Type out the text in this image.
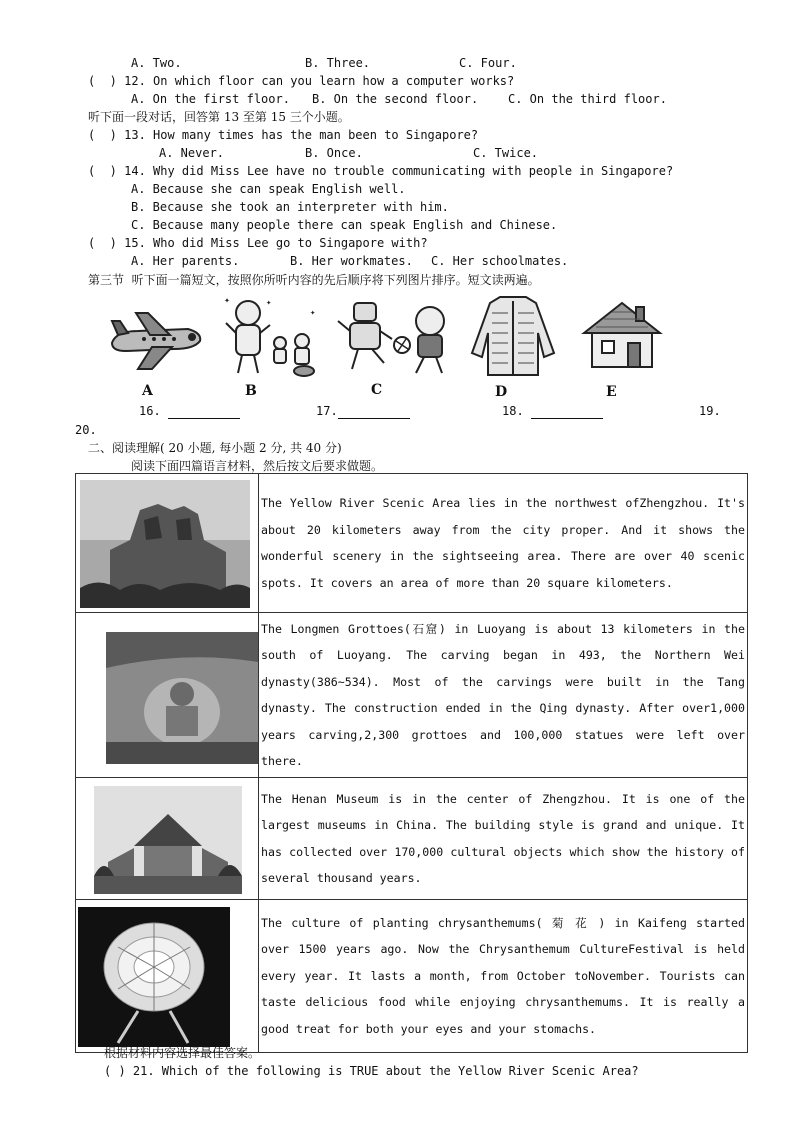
A. Two.	B. Three.	C. Four.
(  ) 12. On which floor can you learn how a computer works?
A. On the first floor. B. On the second floor. C. On the third floor.
听下面一段对话，回答第 13 至第 15 三个小题。
(  ) 13. How many times has the man been to Singapore?
A. Never.	B. Once.	C. Twice.
(  ) 14. Why did Miss Lee have no trouble communicating with people in Singapore?
A. Because she can speak English well.
B. Because she took an interpreter with him.
C. Because many people there can speak English and Chinese.
(  ) 15. Who did Miss Lee go to Singapore with?
A. Her parents.	B. Her workmates. C. Her schoolmates.
第三节  听下面一篇短文，按照你所听内容的先后顺序将下列图片排序。短文读两遍。
A
✦	✦
✦
B	C	D	E
16.	17.	18.	19.
20.
二、阅读理解( 20 小题, 每小题 2 分, 共 40 分)
阅读下面四篇语言材料，然后按文后要求做题。
	The Yellow River Scenic Area lies in the northwest ofZhengzhou. It's about 20 kilometers away from the city proper. And it shows the wonderful scenery in the sightseeing area. There are over 40 scenic spots. It covers an area of more than 20 square kilometers.

	The Longmen Grottoes(石窟) in Luoyang is about 13 kilometers in the south of Luoyang. The carving began in 493, the Northern Wei dynasty(386~534). Most of the carvings were built in the Tang dynasty. The construction ended in the Qing dynasty. After over1,000 years carving,2,300 grottoes and 100,000 statues were left over there.

	The Henan Museum is in the center of Zhengzhou. It is one of the largest museums in China. The building style is grand and unique. It has collected over 170,000 cultural objects which show the history of several thousand years.

	The culture of planting chrysanthemums( 菊 花 ) in Kaifeng started over 1500 years ago. Now the Chrysanthemum CultureFestival is held every year. It lasts a month, from October toNovember. Tourists can taste delicious food while enjoying chrysanthemums. It is really a good treat for both your eyes and your stomachs.
根据材料内容选择最佳答案。
( ) 21. Which of the following is TRUE about the Yellow River Scenic Area?
